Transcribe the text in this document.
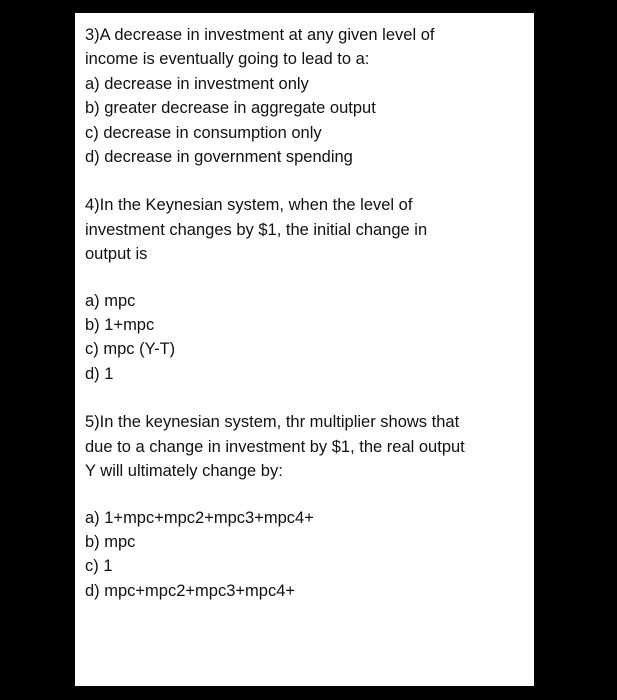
3)A decrease in investment at any given level of
income is eventually going to lead to a:
a) decrease in investment only
b) greater decrease in aggregate output
c) decrease in consumption only
d) decrease in government spending
4)In the Keynesian system, when the level of
investment changes by $1, the initial change in
output is
a) mpc
b) 1+mpc
c) mpc (Y-T)
d) 1
5)In the keynesian system, thr multiplier shows that
due to a change in investment by $1, the real output
Y will ultimately change by:
a) 1+mpc+mpc2+mpc3+mpc4+
b) mpc
c) 1
d) mpc+mpc2+mpc3+mpc4+
